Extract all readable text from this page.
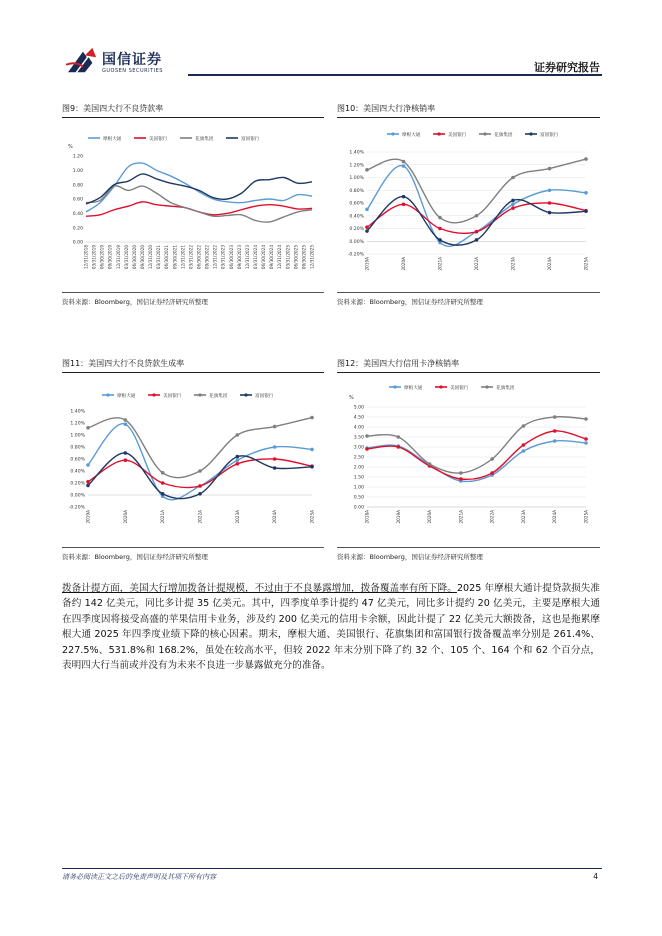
国信证券
GUOSEN SECURITIES	证券研究报告
图9：美国四大行不良贷款率
摩根大通	美国银行	花旗集团	富国银行
%
1.20
1.00
0.80
0.60
0.40
0.20
0.00
12/31/2018 03/31/2019 06/30/2019 09/30/2019 12/31/2019 03/31/2020 06/30/2020 09/30/2020 12/31/2020 03/31/2021 06/30/2021 09/30/2021 12/31/2021 03/31/2022 06/30/2022 09/30/2022 12/31/2022 03/31/2023 06/30/2023 09/30/2023 12/31/2023 03/31/2024 06/30/2024 09/30/2024 12/31/2024 03/31/2025 06/30/2025 09/30/2025 12/31/2025
资料来源：Bloomberg，国信证券经济研究所整理
图10：美国四大行净核销率
摩根大通	美国银行	花旗集团	富国银行
1.40%
1.20%
1.00%
0.80%
0.60%
0.40%
0.20%
0.00%
-0.20%
2019A	2020A	2021A	2022A	2023A	2024A	2025A
资料来源：Bloomberg，国信证券经济研究所整理
图11：美国四大行不良贷款生成率
摩根大通	美国银行	花旗集团	富国银行
1.40%
1.20%
1.00%
0.80%
0.60%
0.40%
0.20%
0.00%
-0.20%
2019A	2020A	2021A	2022A	2023A	2024A	2025A
资料来源：Bloomberg，国信证券经济研究所整理
图12：美国四大行信用卡净核销率
摩根大通	美国银行	花旗集团
%
5.00
4.50
4.00
3.50
3.00
2.50
2.00
1.50
1.00
0.50
0.00
2018A	2019A	2020A	2021A	2022A	2023A	2024A	2025A
资料来源：Bloomberg，国信证券经济研究所整理
拨备计提方面，美国大行增加拨备计提规模，不过由于不良暴露增加，拨备覆盖率有所下降。2025 年摩根大通计提贷款损失准备约 142 亿美元，同比多计提 35 亿美元。其中，四季度单季计提约 47 亿美元，同比多计提约 20 亿美元，主要是摩根大通在四季度因将接受高盛的苹果信用卡业务，涉及约 200 亿美元的信用卡余额，因此计提了 22 亿美元大额拨备，这也是拖累摩根大通 2025 年四季度业绩下降的核心因素。期末，摩根大通、美国银行、花旗集团和富国银行拨备覆盖率分别是 261.4%、227.5%、531.8%和 168.2%，虽处在较高水平，但较 2022 年末分别下降了约 32 个、105 个、164 个和 62 个百分点，表明四大行当前或并没有为未来不良进一步暴露做充分的准备。
请务必阅读正文之后的免责声明及其项下所有内容	4
